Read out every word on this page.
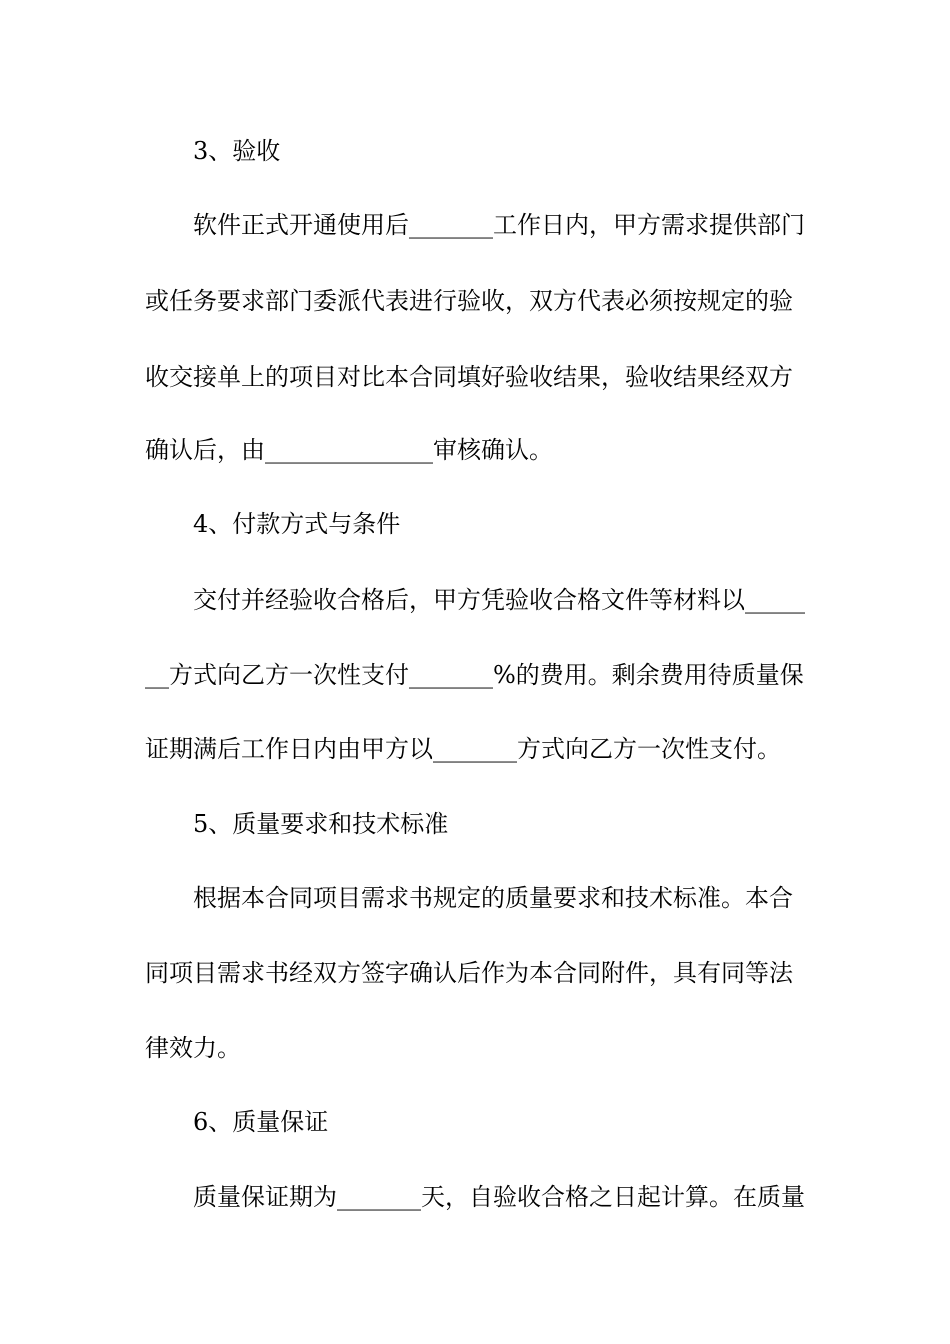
3、验收
软件正式开通使用后_______工作日内，甲方需求提供部门
或任务要求部门委派代表进行验收，双方代表必须按规定的验
收交接单上的项目对比本合同填好验收结果，验收结果经双方
确认后，由______________审核确认。
4、付款方式与条件
交付并经验收合格后，甲方凭验收合格文件等材料以_____
__方式向乙方一次性支付_______%的费用。剩余费用待质量保
证期满后工作日内由甲方以_______方式向乙方一次性支付。
5、质量要求和技术标准
根据本合同项目需求书规定的质量要求和技术标准。本合
同项目需求书经双方签字确认后作为本合同附件，具有同等法
律效力。
6、质量保证
质量保证期为_______天，自验收合格之日起计算。在质量
